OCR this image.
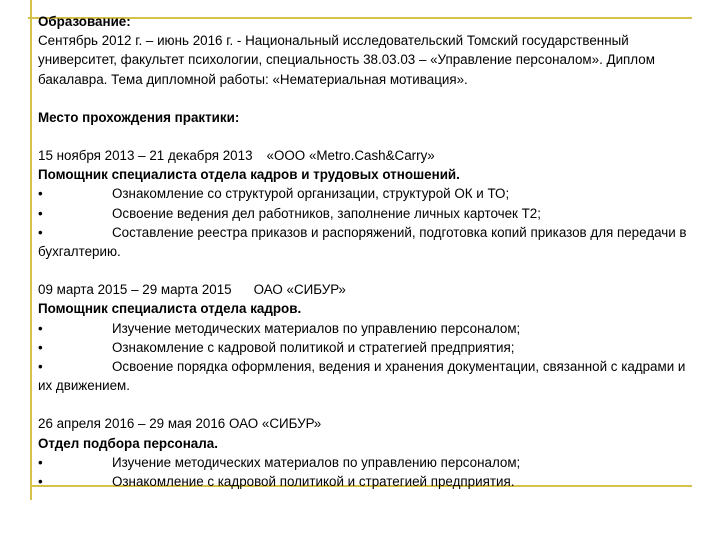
Образование:

Сентябрь 2012 г. – июнь 2016 г. - Национальный исследовательский Томский государственный университет, факультет психологии, специальность 38.03.03 – «Управление персоналом». Диплом бакалавра. Тема дипломной работы: «Нематериальная мотивация».

Место прохождения практики:

15 ноября 2013 – 21 декабря 2013 «ООО «Metro.Cash&Carry»

Помощник специалиста отдела кадров и трудовых отношений.

•	Ознакомление со структурой организации, структурой ОК и ТО;
•	Освоение ведения дел работников, заполнение личных карточек Т2;
•	Составление реестра приказов и распоряжений, подготовка копий приказов для передачи в бухгалтерию.

09 марта 2015 – 29 марта 2015 ОАО «СИБУР»

Помощник специалиста отдела кадров.

•	Изучение методических материалов по управлению персоналом;
•	Ознакомление с кадровой политикой и стратегией предприятия;
•	Освоение порядка оформления, ведения и хранения документации, связанной с кадрами и их движением.

26 апреля 2016 – 29 мая 2016 ОАО «СИБУР»

Отдел подбора персонала.

•	Изучение методических материалов по управлению персоналом;
•	Ознакомление с кадровой политикой и стратегией предприятия.
